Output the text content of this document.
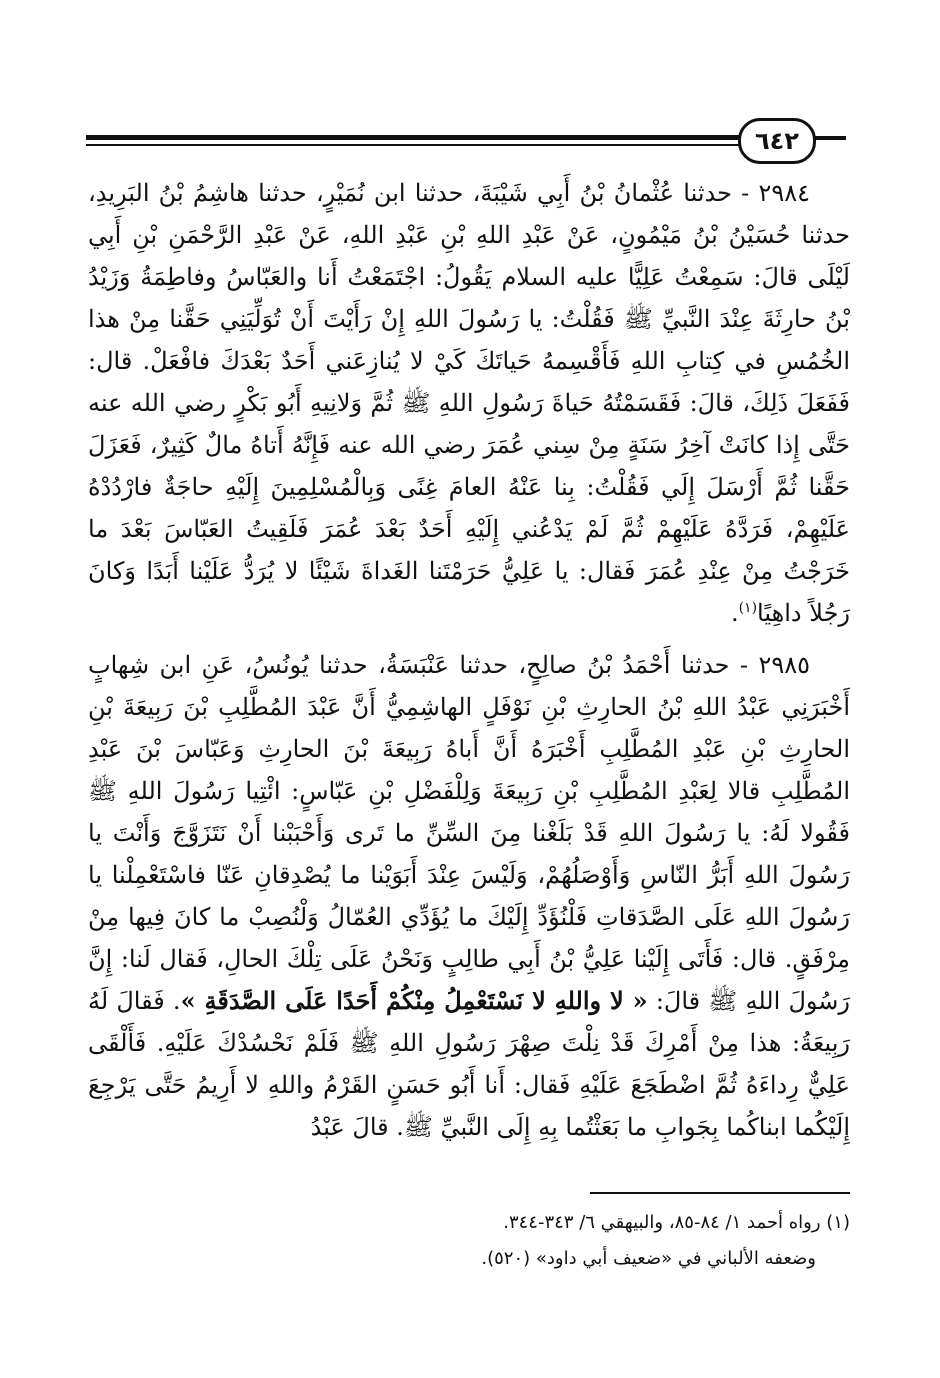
٦٤٢

٢٩٨٤ - حدثنا عُثْمانُ بْنُ أَبِي شَيْبَةَ، حدثنا ابن نُمَيْرٍ، حدثنا هاشِمُ بْنُ البَرِيدِ، حدثنا حُسَيْنُ بْنُ مَيْمُونٍ، عَنْ عَبْدِ اللهِ بْنِ عَبْدِ اللهِ، عَنْ عَبْدِ الرَّحْمَنِ بْنِ أَبِي لَيْلَى قالَ: سَمِعْتُ عَلِيًّا عليه السلام يَقُولُ: اجْتَمَعْتُ أَنا والعَبّاسُ وفاطِمَةُ وَزَيْدُ بْنُ حارِثَةَ عِنْدَ النَّبيِّ ﷺ فَقُلْتُ: يا رَسُولَ اللهِ إِنْ رَأَيْتَ أَنْ تُوَلِّيَنِي حَقَّنا مِنْ هذا الخُمُسِ في كِتابِ اللهِ فَأَقْسِمهُ حَياتَكَ كَيْ لا يُنازِعَني أَحَدٌ بَعْدَكَ فافْعَلْ. قال: فَفَعَلَ ذَلِكَ، قالَ: فَقَسَمْتُهُ حَياةَ رَسُولِ اللهِ ﷺ ثُمَّ وَلانِيهِ أَبُو بَكْرٍ رضي الله عنه حَتَّى إِذا كانَتْ آخِرُ سَنَةٍ مِنْ سِني عُمَرَ رضي الله عنه فَإِنَّهُ أَتاهُ مالٌ كَثِيرٌ، فَعَزَلَ حَقَّنا ثُمَّ أَرْسَلَ إِلَي فَقُلْتُ: بِنا عَنْهُ العامَ غِنًى وَبِالْمُسْلِمِينَ إِلَيْهِ حاجَةٌ فارْدُدْهُ عَلَيْهِمْ، فَرَدَّهُ عَلَيْهِمْ ثُمَّ لَمْ يَدْعُني إِلَيْهِ أَحَدٌ بَعْدَ عُمَرَ فَلَقِيتُ العَبّاسَ بَعْدَ ما خَرَجْتُ مِنْ عِنْدِ عُمَرَ فَقال: يا عَلِيُّ حَرَمْتَنا الغَداةَ شَيْئًا لا يُرَدُّ عَلَيْنا أَبَدًا وَكانَ رَجُلاً داهِيًا$^{(١)}$.

٢٩٨٥ - حدثنا أَحْمَدُ بْنُ صالِحٍ، حدثنا عَنْبَسَةُ، حدثنا يُونُسُ، عَنِ ابن شِهابٍ أَخْبَرَنِي عَبْدُ اللهِ بْنُ الحارِثِ بْنِ نَوْفَلٍ الهاشِمِيُّ أَنَّ عَبْدَ المُطَّلِبِ بْنَ رَبِيعَةَ بْنِ الحارِثِ بْنِ عَبْدِ المُطَّلِبِ أَخْبَرَهُ أَنَّ أَباهُ رَبِيعَةَ بْنَ الحارِثِ وَعَبّاسَ بْنَ عَبْدِ المُطَّلِبِ قالا لِعَبْدِ المُطَّلِبِ بْنِ رَبِيعَةَ وَلِلْفَضْلِ بْنِ عَبّاسٍ: ائْتِيا رَسُولَ اللهِ ﷺ فَقُولا لَهُ: يا رَسُولَ اللهِ قَدْ بَلَغْنا مِنَ السِّنِّ ما تَرى وَأَحْبَبْنا أَنْ نَتَزَوَّجَ وَأَنْتَ يا رَسُولَ اللهِ أَبَرُّ النّاسِ وَأَوْصَلُهُمْ، وَلَيْسَ عِنْدَ أَبَوَيْنا ما يُصْدِقانِ عَنّا فاسْتَعْمِلْنا يا رَسُولَ اللهِ عَلَى الصَّدَقاتِ فَلْنُؤَدِّ إِلَيْكَ ما يُؤَدِّي العُمّالُ وَلْنُصِبْ ما كانَ فِيها مِنْ مِرْفَقٍ. قال: فَأَتَى إِلَيْنا عَلِيُّ بْنُ أَبِي طالِبٍ وَنَحْنُ عَلَى تِلْكَ الحالِ، فَقال لَنا: إِنَّ رَسُولَ اللهِ ﷺ قالَ: « لا واللهِ لا نَسْتَعْمِلُ مِنْكُمْ أَحَدًا عَلَى الصَّدَقَةِ ». فَقالَ لَهُ رَبِيعَةُ: هذا مِنْ أَمْرِكَ قَدْ نِلْتَ صِهْرَ رَسُولِ اللهِ ﷺ فَلَمْ نَحْسُدْكَ عَلَيْهِ. فَأَلْقَى عَلِيٌّ رِداءَهُ ثُمَّ اضْطَجَعَ عَلَيْهِ فَقال: أَنا أَبُو حَسَنٍ القَرْمُ واللهِ لا أَرِيمُ حَتَّى يَرْجِعَ إِلَيْكُما ابناكُما بِجَوابِ ما بَعَثْتُما بِهِ إِلَى النَّبيِّ ﷺ. قالَ عَبْدُ

(١) رواه أحمد ١/ ٨٤-٨٥، والبيهقي ٦/ ٣٤٣-٣٤٤.
وضعفه الألباني في «ضعيف أبي داود» (٥٢٠).
